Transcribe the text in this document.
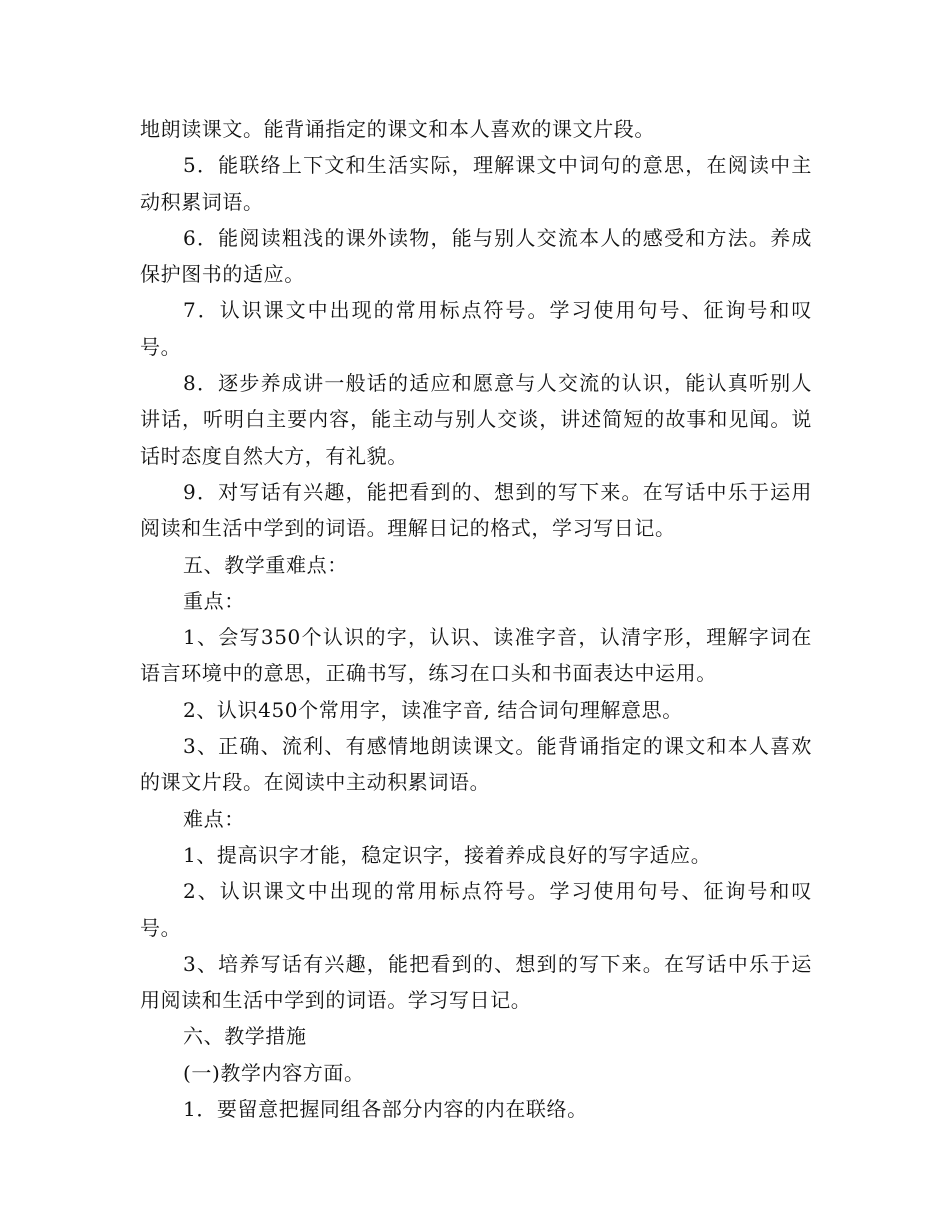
地朗读课文。能背诵指定的课文和本人喜欢的课文片段。

5．能联络上下文和生活实际，理解课文中词句的意思，在阅读中主动积累词语。

6．能阅读粗浅的课外读物，能与别人交流本人的感受和方法。养成保护图书的适应。

7．认识课文中出现的常用标点符号。学习使用句号、征询号和叹号。

8．逐步养成讲一般话的适应和愿意与人交流的认识，能认真听别人讲话，听明白主要内容，能主动与别人交谈，讲述简短的故事和见闻。说话时态度自然大方，有礼貌。

9．对写话有兴趣，能把看到的、想到的写下来。在写话中乐于运用阅读和生活中学到的词语。理解日记的格式，学习写日记。

五、教学重难点：

重点：

1、会写350个认识的字，认识、读准字音，认清字形，理解字词在语言环境中的意思，正确书写，练习在口头和书面表达中运用。

2、认识450个常用字，读准字音, 结合词句理解意思。

3、正确、流利、有感情地朗读课文。能背诵指定的课文和本人喜欢的课文片段。在阅读中主动积累词语。

难点：

1、提高识字才能，稳定识字，接着养成良好的写字适应。

2、认识课文中出现的常用标点符号。学习使用句号、征询号和叹号。

3、培养写话有兴趣，能把看到的、想到的写下来。在写话中乐于运用阅读和生活中学到的词语。学习写日记。

六、教学措施

(一)教学内容方面。

1．要留意把握同组各部分内容的内在联络。
